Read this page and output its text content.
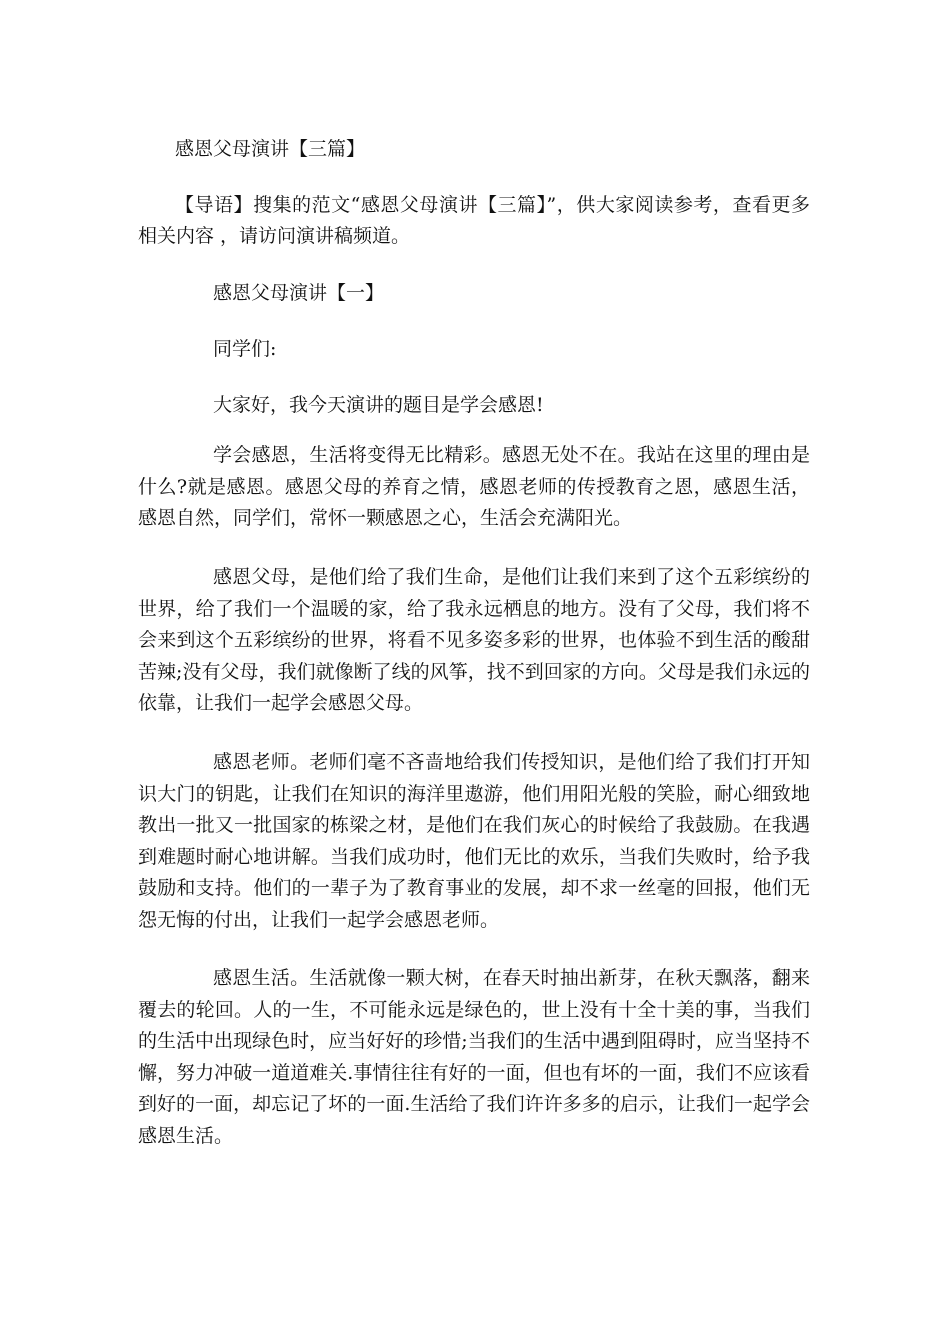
感恩父母演讲【三篇】

【导语】搜集的范文“感恩父母演讲【三篇】”，供大家阅读参考，查看更多相关内容 ，请访问演讲稿频道。

感恩父母演讲【一】

同学们:

大家好，我今天演讲的题目是学会感恩!

学会感恩，生活将变得无比精彩。感恩无处不在。我站在这里的理由是什么?就是感恩。感恩父母的养育之情，感恩老师的传授教育之恩，感恩生活，感恩自然，同学们，常怀一颗感恩之心，生活会充满阳光。

感恩父母，是他们给了我们生命，是他们让我们来到了这个五彩缤纷的世界，给了我们一个温暖的家，给了我永远栖息的地方。没有了父母，我们将不会来到这个五彩缤纷的世界，将看不见多姿多彩的世界，也体验不到生活的酸甜苦辣;没有父母，我们就像断了线的风筝，找不到回家的方向。父母是我们永远的依靠，让我们一起学会感恩父母。

感恩老师。老师们毫不吝啬地给我们传授知识，是他们给了我们打开知识大门的钥匙，让我们在知识的海洋里遨游，他们用阳光般的笑脸，耐心细致地教出一批又一批国家的栋梁之材，是他们在我们灰心的时候给了我鼓励。在我遇到难题时耐心地讲解。当我们成功时，他们无比的欢乐，当我们失败时，给予我鼓励和支持。他们的一辈子为了教育事业的发展，却不求一丝毫的回报，他们无怨无悔的付出，让我们一起学会感恩老师。

感恩生活。生活就像一颗大树，在春天时抽出新芽，在秋天飘落，翻来覆去的轮回。人的一生，不可能永远是绿色的，世上没有十全十美的事，当我们的生活中出现绿色时，应当好好的珍惜;当我们的生活中遇到阻碍时，应当坚持不懈，努力冲破一道道难关.事情往往有好的一面，但也有坏的一面，我们不应该看到好的一面，却忘记了坏的一面.生活给了我们许许多多的启示，让我们一起学会感恩生活。
